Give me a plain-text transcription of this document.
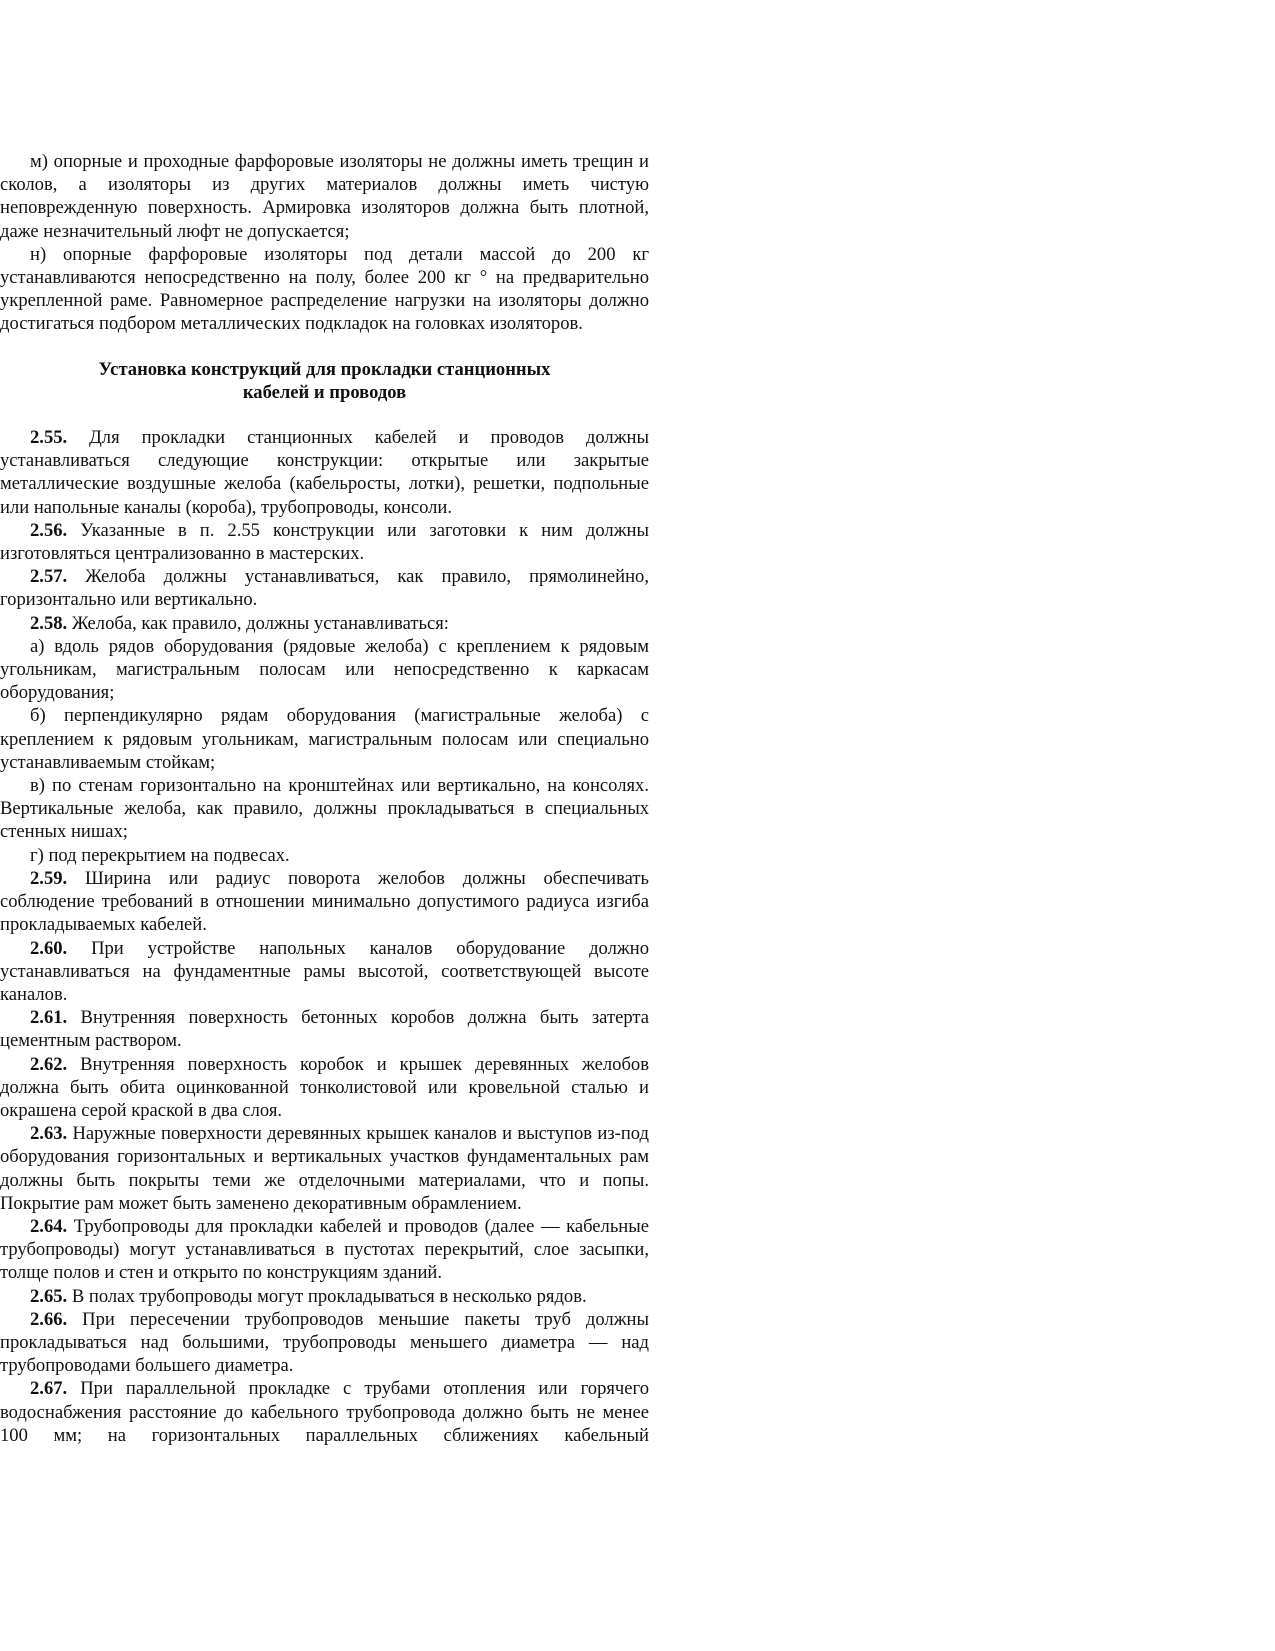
м) опорные и проходные фарфоровые изоляторы не должны иметь трещин и сколов, а изоляторы из других материалов должны иметь чистую неповрежденную поверхность. Армировка изоляторов должна быть плотной, даже незначительный люфт не допускается;

н) опорные фарфоровые изоляторы под детали массой до 200 кг устанавливаются непосредственно на полу, более 200 кг ° на предварительно укрепленной раме. Равномерное распределение нагрузки на изоляторы должно достигаться подбором металлических подкладок на головках изоляторов.

Установка конструкций для прокладки станционных
кабелей и проводов

2.55. Для прокладки станционных кабелей и проводов должны устанавливаться следующие конструкции: открытые или закрытые металлические воздушные желоба (кабельросты, лотки), решетки, подпольные или напольные каналы (короба), трубопроводы, консоли.

2.56. Указанные в п. 2.55 конструкции или заготовки к ним должны изготовляться централизованно в мастерских.

2.57. Желоба должны устанавливаться, как правило, прямолинейно, горизонтально или вертикально.

2.58. Желоба, как правило, должны устанавливаться:

а) вдоль рядов оборудования (рядовые желоба) с креплением к рядовым угольникам, магистральным полосам или непосредственно к каркасам оборудования;

б) перпендикулярно рядам оборудования (магистральные желоба) с креплением к рядовым угольникам, магистральным полосам или специально устанавливаемым стойкам;

в) по стенам горизонтально на кронштейнах или вертикально, на консолях. Вертикальные желоба, как правило, должны прокладываться в специальных стенных нишах;

г) под перекрытием на подвесах.

2.59. Ширина или радиус поворота желобов должны обеспечивать соблюдение требований в отношении минимально допустимого радиуса изгиба прокладываемых кабелей.

2.60. При устройстве напольных каналов оборудование должно устанавливаться на фундаментные рамы высотой, соответствующей высоте каналов.

2.61. Внутренняя поверхность бетонных коробов должна быть затерта цементным раствором.

2.62. Внутренняя поверхность коробок и крышек деревянных желобов должна быть обита оцинкованной тонколистовой или кровельной сталью и окрашена серой краской в два слоя.

2.63. Наружные поверхности деревянных крышек каналов и выступов из-под оборудования горизонтальных и вертикальных участков фундаментальных рам должны быть покрыты теми же отделочными материалами, что и попы. Покрытие рам может быть заменено декоративным обрамлением.

2.64. Трубопроводы для прокладки кабелей и проводов (далее — кабельные трубопроводы) могут устанавливаться в пустотах перекрытий, слое засыпки, толще полов и стен и открыто по конструкциям зданий.

2.65. В полах трубопроводы могут прокладываться в несколько рядов.

2.66. При пересечении трубопроводов меньшие пакеты труб должны прокладываться над большими, трубопроводы меньшего диаметра — над трубопроводами большего диаметра.

2.67. При параллельной прокладке с трубами отопления или горячего водоснабжения расстояние до кабельного трубопровода должно быть не менее 100 мм; на горизонтальных параллельных сближениях кабельный
